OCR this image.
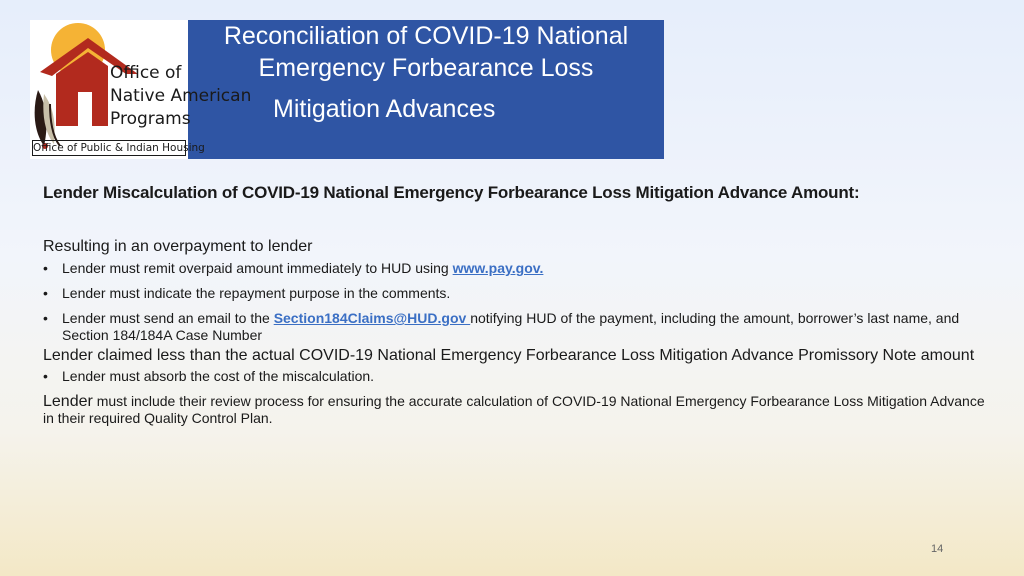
Office of
Native American
Programs
Office of Public & Indian Housing
Reconciliation of COVID-19 National
Emergency Forbearance Loss
Mitigation Advances
Lender Miscalculation of COVID-19 National Emergency Forbearance Loss Mitigation Advance Amount:
Resulting in an overpayment to lender
• Lender must remit overpaid amount immediately to HUD using www.pay.gov.
• Lender must indicate the repayment purpose in the comments.
• Lender must send an email to the Section184Claims@HUD.gov notifying HUD of the payment, including the amount, borrower’s last name, and Section 184/184A Case Number
Lender claimed less than the actual COVID-19 National Emergency Forbearance Loss Mitigation Advance Promissory Note amount
• Lender must absorb the cost of the miscalculation.
Lender must include their review process for ensuring the accurate calculation of COVID-19 National Emergency Forbearance Loss Mitigation Advance in their required Quality Control Plan.
14
